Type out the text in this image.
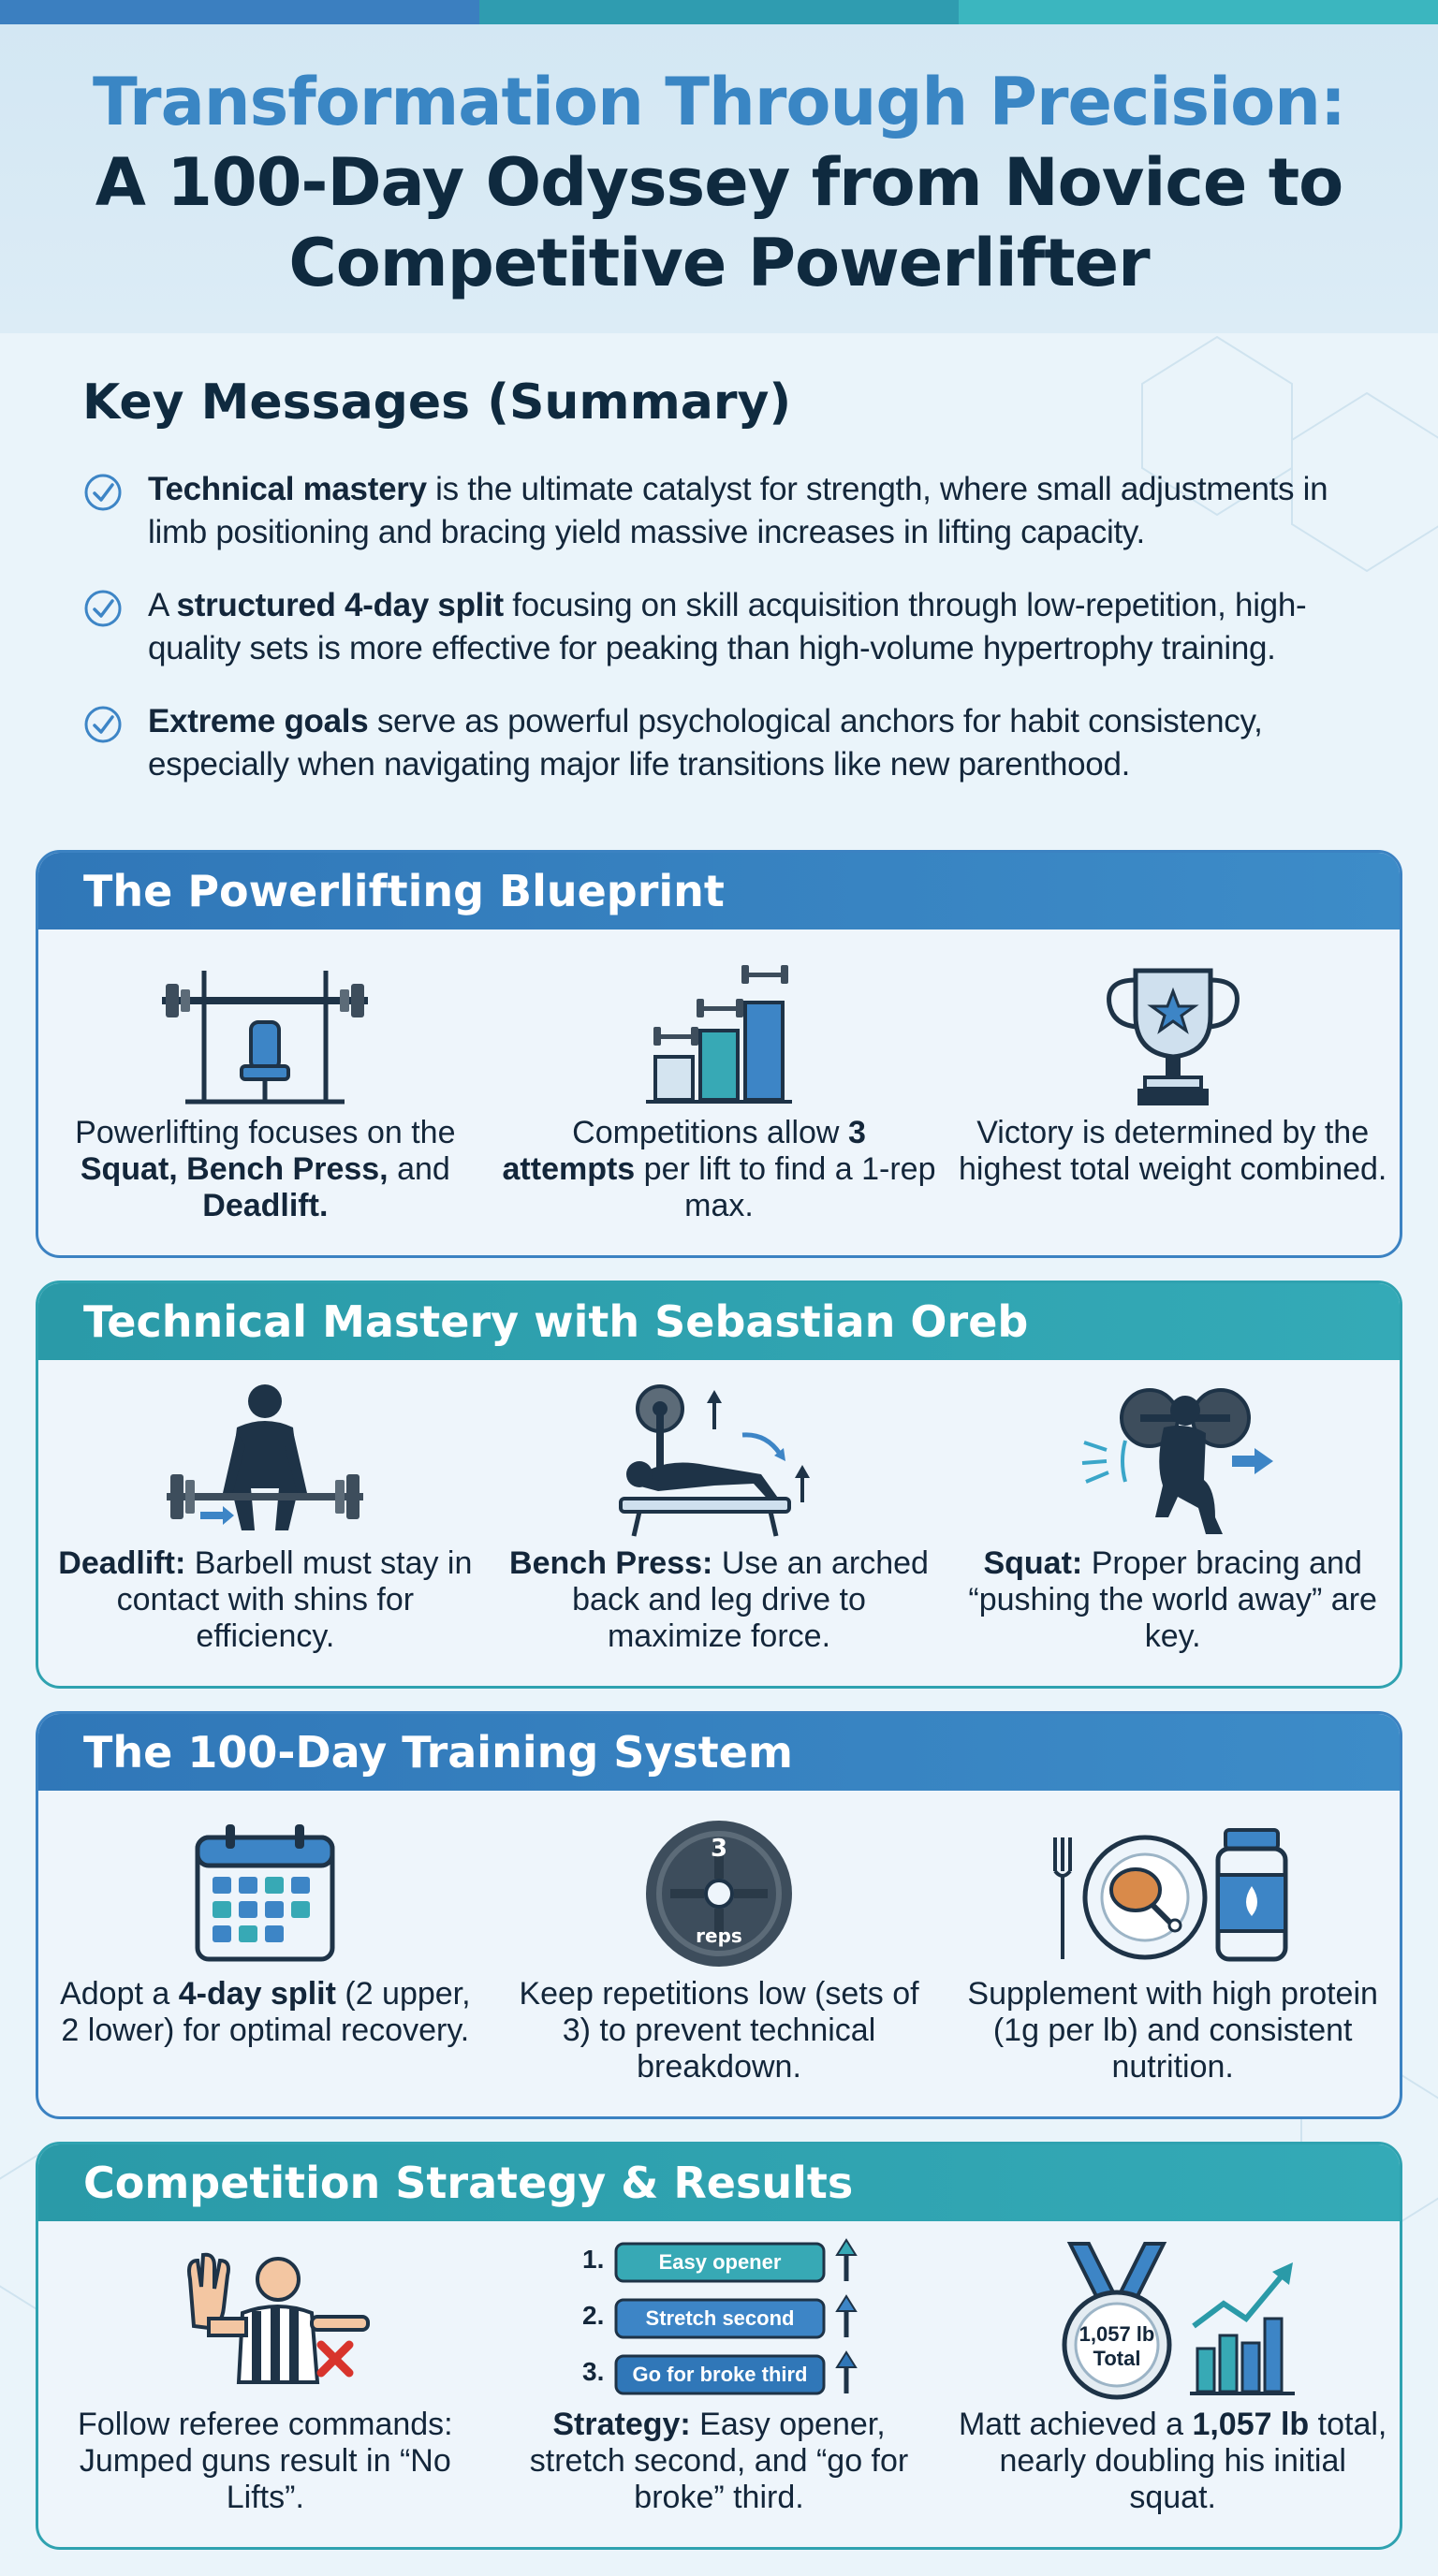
Transformation Through Precision:
A 100-Day Odyssey from Novice to
Competitive Powerlifter
Key Messages (Summary)
Technical mastery is the ultimate catalyst for strength, where small adjustments in limb positioning and bracing yield massive increases in lifting capacity.
A structured 4-day split focusing on skill acquisition through low-repetition, high-quality sets is more effective for peaking than high-volume hypertrophy training.
Extreme goals serve as powerful psychological anchors for habit consistency, especially when navigating major life transitions like new parenthood.
The Powerlifting Blueprint
Powerlifting focuses on the Squat, Bench Press, and Deadlift.
Competitions allow 3 attempts per lift to find a 1-rep max.
Victory is determined by the highest total weight combined.
Technical Mastery with Sebastian Oreb
Deadlift: Barbell must stay in contact with shins for efficiency.
Bench Press: Use an arched back and leg drive to maximize force.
Squat: Proper bracing and “pushing the world away” are key.
The 100-Day Training System
Adopt a 4-day split (2 upper, 2 lower) for optimal recovery.
3
reps
Keep repetitions low (sets of 3) to prevent technical breakdown.
Supplement with high protein (1g per lb) and consistent nutrition.
Competition Strategy & Results
Follow referee commands: Jumped guns result in “No Lifts”.
1.	Easy opener
2. Stretch second
3. Go for broke third
Strategy: Easy opener, stretch second, and “go for broke” third.
1,057 lb
Total
Matt achieved a 1,057 lb total, nearly doubling his initial squat.
